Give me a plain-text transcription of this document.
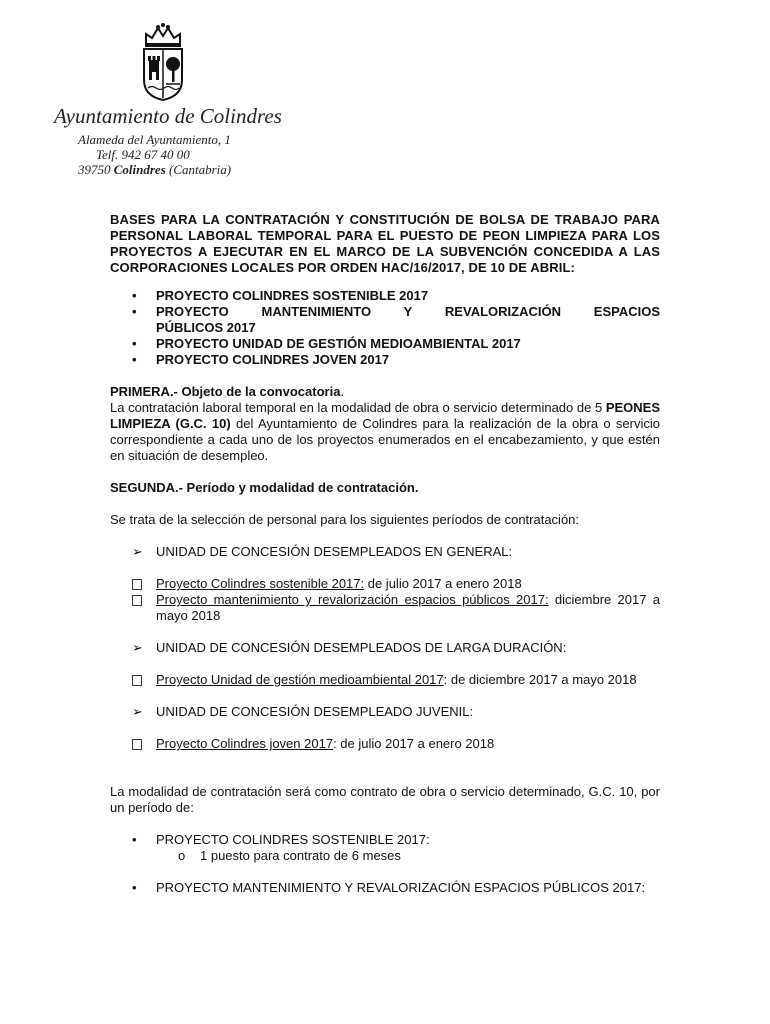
Ayuntamiento de Colindres
Alameda del Ayuntamiento, 1
Telf. 942 67 40 00
39750 Colindres (Cantabria)

BASES PARA LA CONTRATACIÓN Y CONSTITUCIÓN DE BOLSA DE TRABAJO PARA PERSONAL LABORAL TEMPORAL PARA EL PUESTO DE PEON LIMPIEZA PARA LOS PROYECTOS A EJECUTAR EN EL MARCO DE LA SUBVENCIÓN CONCEDIDA A LAS CORPORACIONES LOCALES POR ORDEN HAC/16/2017, DE 10 DE ABRIL:

• PROYECTO COLINDRES SOSTENIBLE 2017
• PROYECTO MANTENIMIENTO Y REVALORIZACIÓN ESPACIOS
PÚBLICOS 2017
• PROYECTO UNIDAD DE GESTIÓN MEDIOAMBIENTAL 2017
• PROYECTO COLINDRES JOVEN 2017
PRIMERA.- Objeto de la convocatoria.

La contratación laboral temporal en la modalidad de obra o servicio determinado de 5 PEONES LIMPIEZA (G.C. 10) del Ayuntamiento de Colindres para la realización de la obra o servicio correspondiente a cada uno de los proyectos enumerados en el encabezamiento, y que estén en situación de desempleo.

SEGUNDA.- Período y modalidad de contratación.

Se trata de la selección de personal para los siguientes períodos de contratación:

➢ UNIDAD DE CONCESIÓN DESEMPLEADOS EN GENERAL:
Proyecto Colindres sostenible 2017: de julio 2017 a enero 2018
Proyecto mantenimiento y revalorización espacios públicos 2017: diciembre 2017 a mayo 2018
➢ UNIDAD DE CONCESIÓN DESEMPLEADOS DE LARGA DURACIÓN:
Proyecto Unidad de gestión medioambiental 2017: de diciembre 2017 a mayo 2018
➢ UNIDAD DE CONCESIÓN DESEMPLEADO JUVENIL:
Proyecto Colindres joven 2017: de julio 2017 a enero 2018

La modalidad de contratación será como contrato de obra o servicio determinado, G.C. 10, por un período de:

• PROYECTO COLINDRES SOSTENIBLE 2017:
o 1 puesto para contrato de 6 meses
• PROYECTO MANTENIMIENTO Y REVALORIZACIÓN ESPACIOS PÚBLICOS 2017:
